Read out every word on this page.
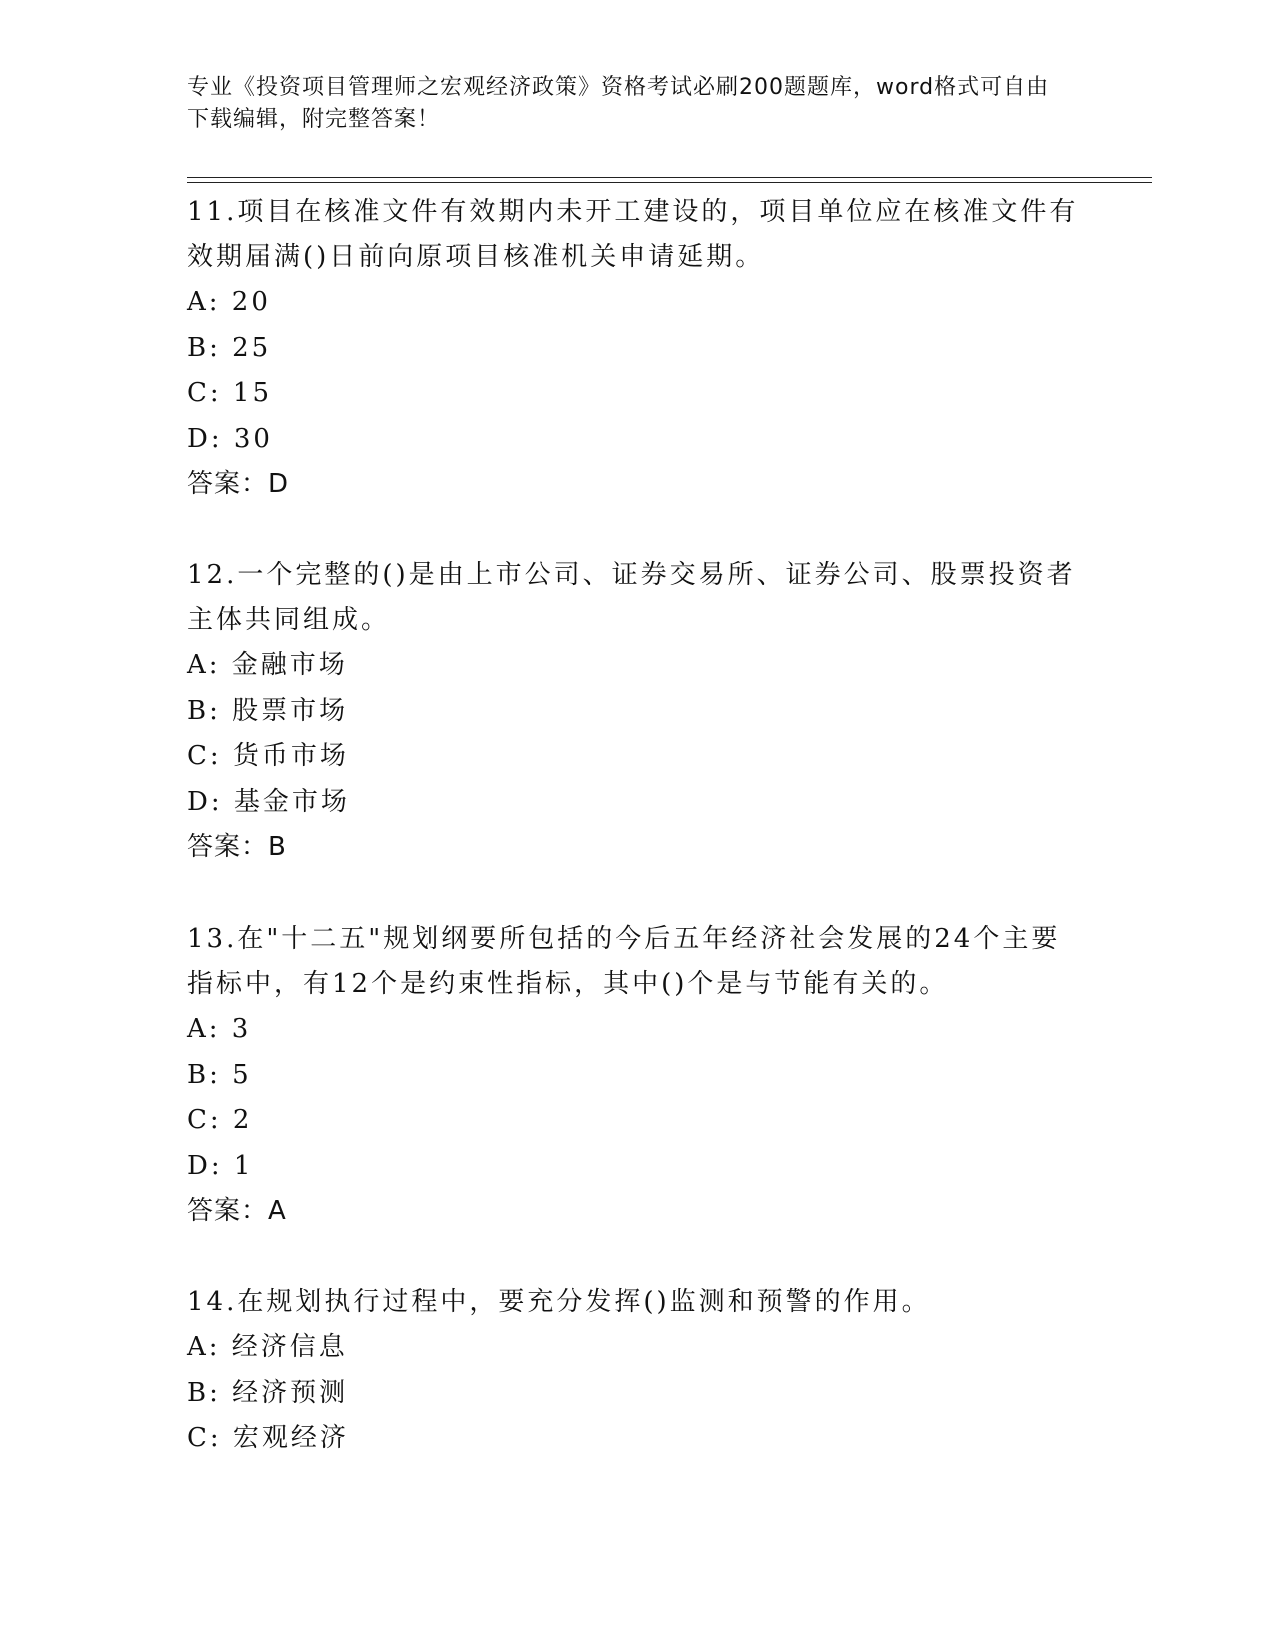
专业《投资项目管理师之宏观经济政策》资格考试必刷200题题库，word格式可自由下载编辑，附完整答案！

11.项目在核准文件有效期内未开工建设的，项目单位应在核准文件有效期届满()日前向原项目核准机关申请延期。

A: 20

B: 25

C: 15

D: 30

答案：D

12.一个完整的()是由上市公司、证券交易所、证券公司、股票投资者主体共同组成。

A: 金融市场

B: 股票市场

C: 货币市场

D: 基金市场

答案：B

13.在"十二五"规划纲要所包括的今后五年经济社会发展的24个主要指标中，有12个是约束性指标，其中()个是与节能有关的。

A: 3

B: 5

C: 2

D: 1

答案：A

14.在规划执行过程中，要充分发挥()监测和预警的作用。

A: 经济信息

B: 经济预测

C: 宏观经济
